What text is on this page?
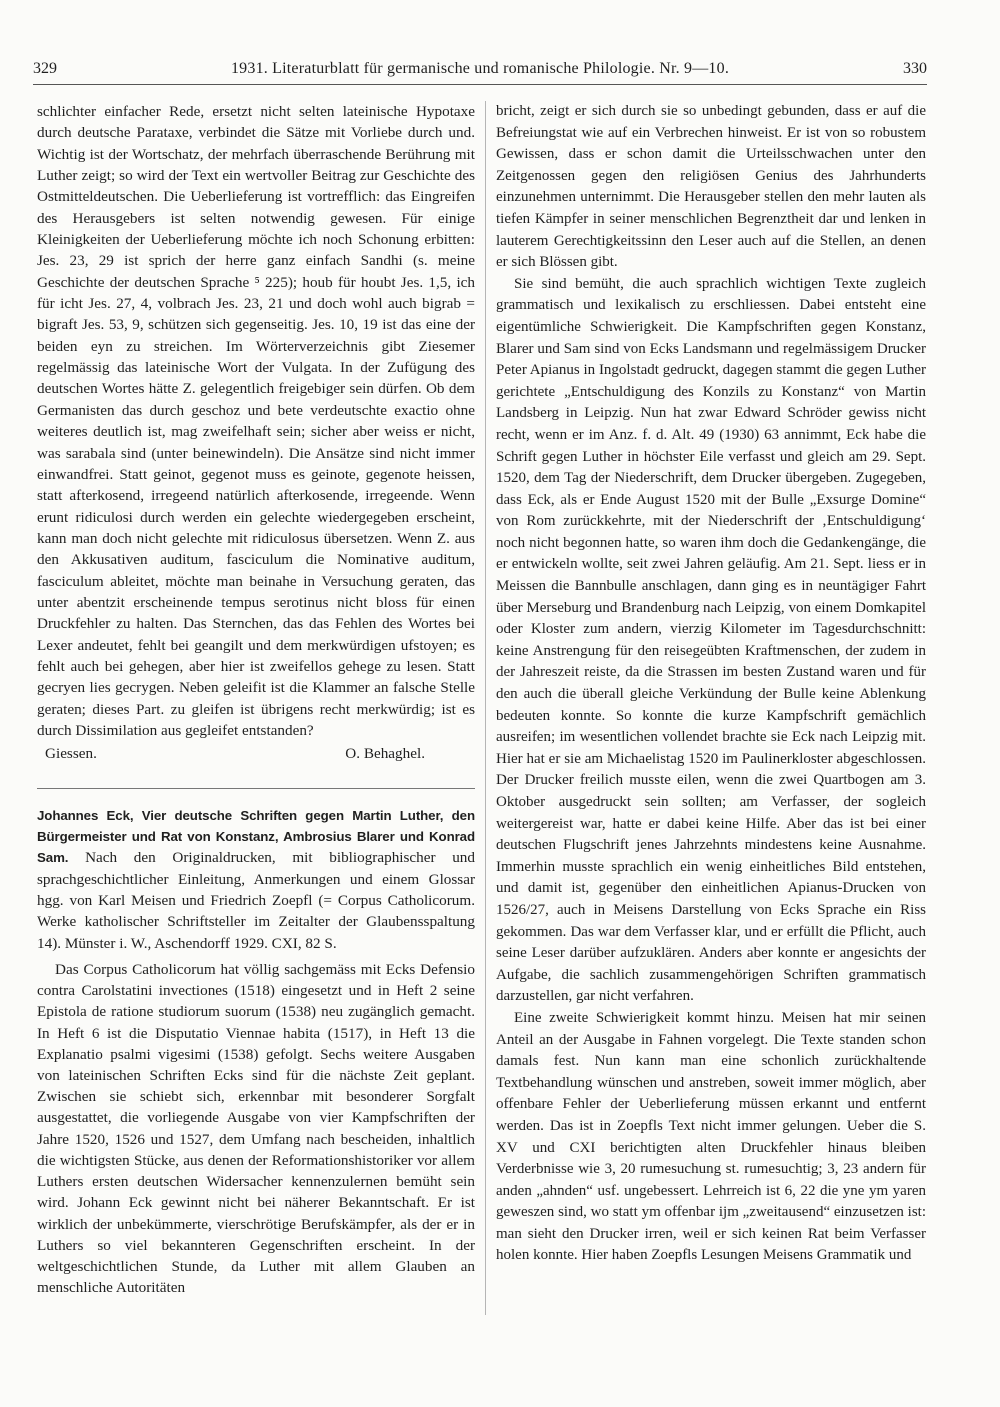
329	1931. Literaturblatt für germanische und romanische Philologie. Nr. 9—10.	330

schlichter einfacher Rede, ersetzt nicht selten lateinische Hypotaxe durch deutsche Parataxe, verbindet die Sätze mit Vorliebe durch und. Wichtig ist der Wortschatz, der mehrfach überraschende Berührung mit Luther zeigt; so wird der Text ein wertvoller Beitrag zur Geschichte des Ostmitteldeutschen. Die Ueberlieferung ist vortrefflich: das Eingreifen des Herausgebers ist selten notwendig gewesen. Für einige Kleinigkeiten der Ueberlieferung möchte ich noch Schonung erbitten: Jes. 23, 29 ist sprich der herre ganz einfach Sandhi (s. meine Geschichte der deutschen Sprache ⁵ 225); houb für houbt Jes. 1,5, ich für icht Jes. 27, 4, volbrach Jes. 23, 21 und doch wohl auch bigrab = bigraft Jes. 53, 9, schützen sich gegenseitig. Jes. 10, 19 ist das eine der beiden eyn zu streichen. Im Wörterverzeichnis gibt Ziesemer regelmässig das lateinische Wort der Vulgata. In der Zufügung des deutschen Wortes hätte Z. gelegentlich freigebiger sein dürfen. Ob dem Germanisten das durch geschoz und bete verdeutschte exactio ohne weiteres deutlich ist, mag zweifelhaft sein; sicher aber weiss er nicht, was sarabala sind (unter beinewindeln). Die Ansätze sind nicht immer einwandfrei. Statt geinot, gegenot muss es geinote, gegenote heissen, statt afterkosend, irregeend natürlich afterkosende, irregeende. Wenn erunt ridiculosi durch werden ein gelechte wiedergegeben erscheint, kann man doch nicht gelechte mit ridiculosus übersetzen. Wenn Z. aus den Akkusativen auditum, fasciculum die Nominative auditum, fasciculum ableitet, möchte man beinahe in Versuchung geraten, das unter abentzit erscheinende tempus serotinus nicht bloss für einen Druckfehler zu halten. Das Sternchen, das das Fehlen des Wortes bei Lexer andeutet, fehlt bei geangilt und dem merkwürdigen ufstoyen; es fehlt auch bei gehegen, aber hier ist zweifellos gehege zu lesen. Statt gecryen lies gecrygen. Neben geleifit ist die Klammer an falsche Stelle geraten; dieses Part. zu gleifen ist übrigens recht merkwürdig; ist es durch Dissimilation aus gegleifet entstanden?

Giessen.	O. Behaghel.

Johannes Eck, Vier deutsche Schriften gegen Martin Luther, den Bürgermeister und Rat von Konstanz, Ambrosius Blarer und Konrad Sam. Nach den Originaldrucken, mit bibliographischer und sprachgeschichtlicher Einleitung, Anmerkungen und einem Glossar hgg. von Karl Meisen und Friedrich Zoepfl (= Corpus Catholicorum. Werke katholischer Schriftsteller im Zeitalter der Glaubensspaltung 14). Münster i. W., Aschendorff 1929. CXI, 82 S.

Das Corpus Catholicorum hat völlig sachgemäss mit Ecks Defensio contra Carolstatini invectiones (1518) eingesetzt und in Heft 2 seine Epistola de ratione studiorum suorum (1538) neu zugänglich gemacht. In Heft 6 ist die Disputatio Viennae habita (1517), in Heft 13 die Explanatio psalmi vigesimi (1538) gefolgt. Sechs weitere Ausgaben von lateinischen Schriften Ecks sind für die nächste Zeit geplant. Zwischen sie schiebt sich, erkennbar mit besonderer Sorgfalt ausgestattet, die vorliegende Ausgabe von vier Kampfschriften der Jahre 1520, 1526 und 1527, dem Umfang nach bescheiden, inhaltlich die wichtigsten Stücke, aus denen der Reformationshistoriker vor allem Luthers ersten deutschen Widersacher kennenzulernen bemüht sein wird. Johann Eck gewinnt nicht bei näherer Bekanntschaft. Er ist wirklich der unbekümmerte, vierschrötige Berufskämpfer, als der er in Luthers so viel bekannteren Gegenschriften erscheint. In der weltgeschichtlichen Stunde, da Luther mit allem Glauben an menschliche Autoritäten

bricht, zeigt er sich durch sie so unbedingt gebunden, dass er auf die Befreiungstat wie auf ein Verbrechen hinweist. Er ist von so robustem Gewissen, dass er schon damit die Urteilsschwachen unter den Zeitgenossen gegen den religiösen Genius des Jahrhunderts einzunehmen unternimmt. Die Herausgeber stellen den mehr lauten als tiefen Kämpfer in seiner menschlichen Begrenztheit dar und lenken in lauterem Gerechtigkeitssinn den Leser auch auf die Stellen, an denen er sich Blössen gibt.

Sie sind bemüht, die auch sprachlich wichtigen Texte zugleich grammatisch und lexikalisch zu erschliessen. Dabei entsteht eine eigentümliche Schwierigkeit. Die Kampfschriften gegen Konstanz, Blarer und Sam sind von Ecks Landsmann und regelmässigem Drucker Peter Apianus in Ingolstadt gedruckt, dagegen stammt die gegen Luther gerichtete „Entschuldigung des Konzils zu Konstanz“ von Martin Landsberg in Leipzig. Nun hat zwar Edward Schröder gewiss nicht recht, wenn er im Anz. f. d. Alt. 49 (1930) 63 annimmt, Eck habe die Schrift gegen Luther in höchster Eile verfasst und gleich am 29. Sept. 1520, dem Tag der Niederschrift, dem Drucker übergeben. Zugegeben, dass Eck, als er Ende August 1520 mit der Bulle „Exsurge Domine“ von Rom zurückkehrte, mit der Niederschrift der ‚Entschuldigung‘ noch nicht begonnen hatte, so waren ihm doch die Gedankengänge, die er entwickeln wollte, seit zwei Jahren geläufig. Am 21. Sept. liess er in Meissen die Bannbulle anschlagen, dann ging es in neuntägiger Fahrt über Merseburg und Brandenburg nach Leipzig, von einem Domkapitel oder Kloster zum andern, vierzig Kilometer im Tagesdurchschnitt: keine Anstrengung für den reisegeübten Kraftmenschen, der zudem in der Jahreszeit reiste, da die Strassen im besten Zustand waren und für den auch die überall gleiche Verkündung der Bulle keine Ablenkung bedeuten konnte. So konnte die kurze Kampfschrift gemächlich ausreifen; im wesentlichen vollendet brachte sie Eck nach Leipzig mit. Hier hat er sie am Michaelistag 1520 im Paulinerkloster abgeschlossen. Der Drucker freilich musste eilen, wenn die zwei Quartbogen am 3. Oktober ausgedruckt sein sollten; am Verfasser, der sogleich weitergereist war, hatte er dabei keine Hilfe. Aber das ist bei einer deutschen Flugschrift jenes Jahrzehnts mindestens keine Ausnahme. Immerhin musste sprachlich ein wenig einheitliches Bild entstehen, und damit ist, gegenüber den einheitlichen Apianus-Drucken von 1526/27, auch in Meisens Darstellung von Ecks Sprache ein Riss gekommen. Das war dem Verfasser klar, und er erfüllt die Pflicht, auch seine Leser darüber aufzuklären. Anders aber konnte er angesichts der Aufgabe, die sachlich zusammengehörigen Schriften grammatisch darzustellen, gar nicht verfahren.

Eine zweite Schwierigkeit kommt hinzu. Meisen hat mir seinen Anteil an der Ausgabe in Fahnen vorgelegt. Die Texte standen schon damals fest. Nun kann man eine schonlich zurückhaltende Textbehandlung wünschen und anstreben, soweit immer möglich, aber offenbare Fehler der Ueberlieferung müssen erkannt und entfernt werden. Das ist in Zoepfls Text nicht immer gelungen. Ueber die S. XV und CXI berichtigten alten Druckfehler hinaus bleiben Verderbnisse wie 3, 20 rumesuchung st. rumesuchtig; 3, 23 andern für anden „ahnden“ usf. ungebessert. Lehrreich ist 6, 22 die yne ym yaren geweszen sind, wo statt ym offenbar ijm „zweitausend“ einzusetzen ist: man sieht den Drucker irren, weil er sich keinen Rat beim Verfasser holen konnte. Hier haben Zoepfls Lesungen Meisens Grammatik und
